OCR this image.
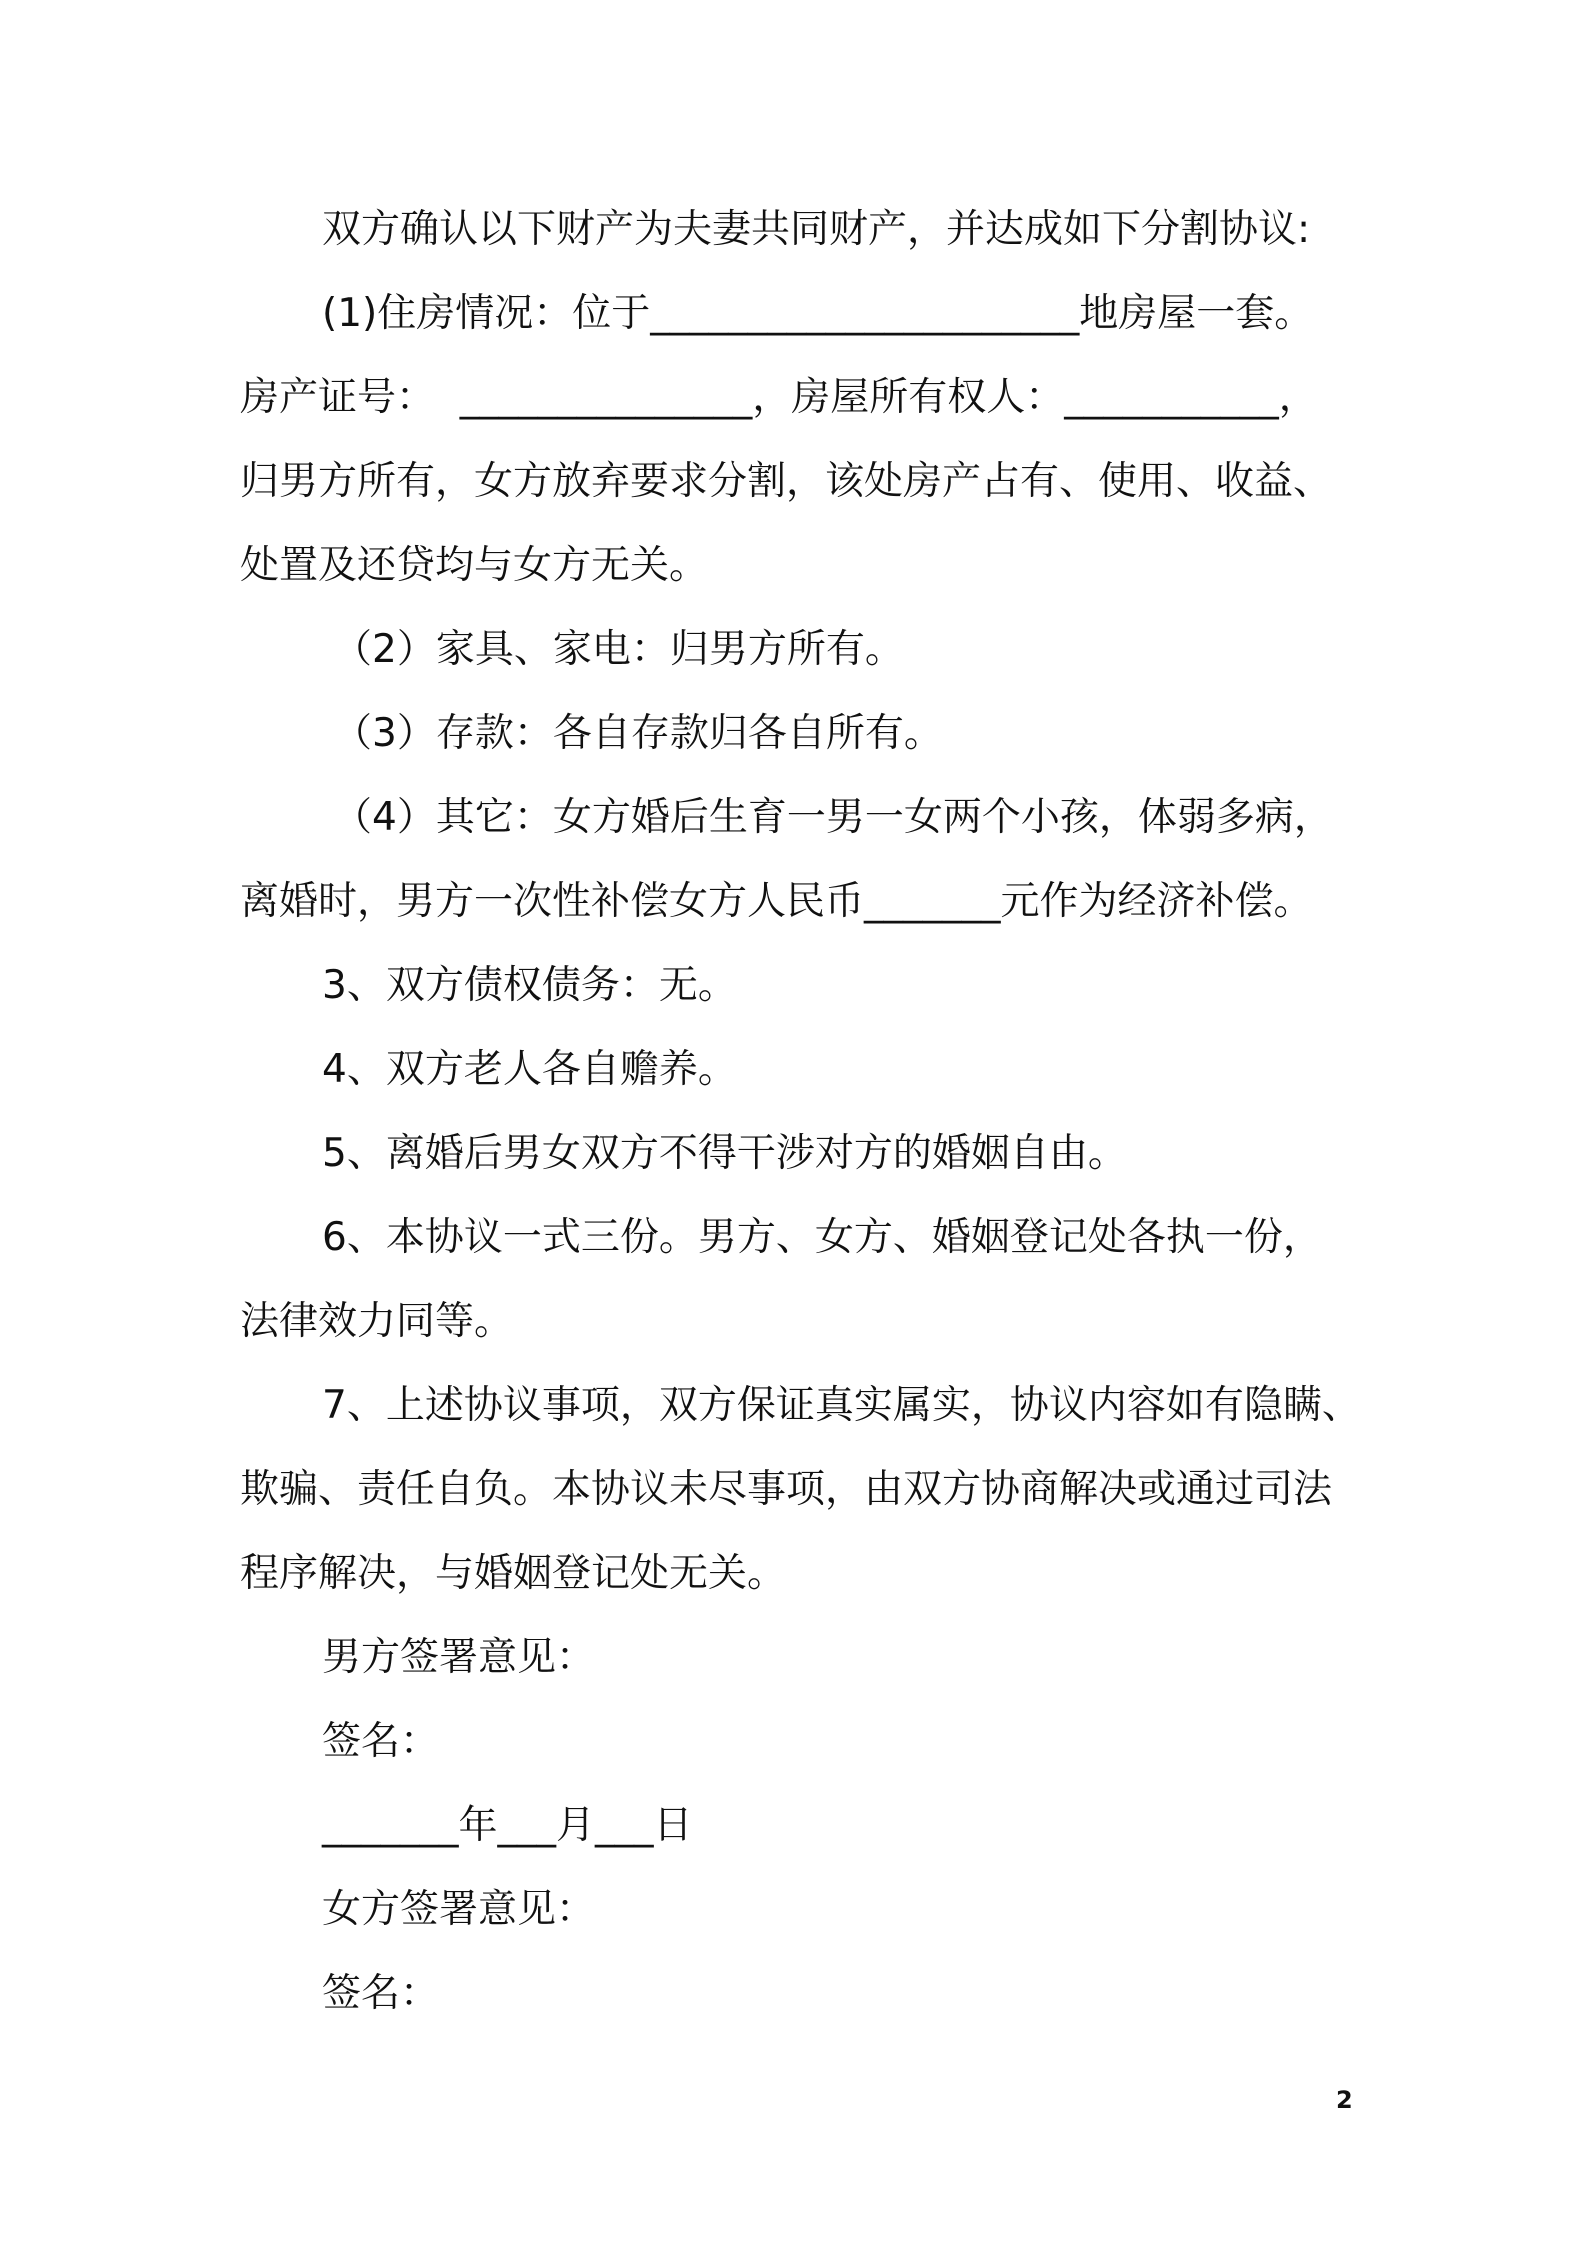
双方确认以下财产为夫妻共同财产，并达成如下分割协议:
(1)住房情况：位于______________________地房屋一套。
房产证号：  _______________，房屋所有权人：___________，
归男方所有，女方放弃要求分割，该处房产占有、使用、收益、
处置及还贷均与女方无关。
（2）家具、家电：归男方所有。
（3）存款：各自存款归各自所有。
（4）其它：女方婚后生育一男一女两个小孩，体弱多病，
离婚时，男方一次性补偿女方人民币_______元作为经济补偿。
3、双方债权债务：无。
4、双方老人各自赡养。
5、离婚后男女双方不得干涉对方的婚姻自由。
6、本协议一式三份。男方、女方、婚姻登记处各执一份，
法律效力同等。
7、上述协议事项，双方保证真实属实，协议内容如有隐瞒、
欺骗、责任自负。本协议未尽事项，由双方协商解决或通过司法
程序解决，与婚姻登记处无关。
男方签署意见：
签名：
_______年___月___日
女方签署意见：
签名：
2
